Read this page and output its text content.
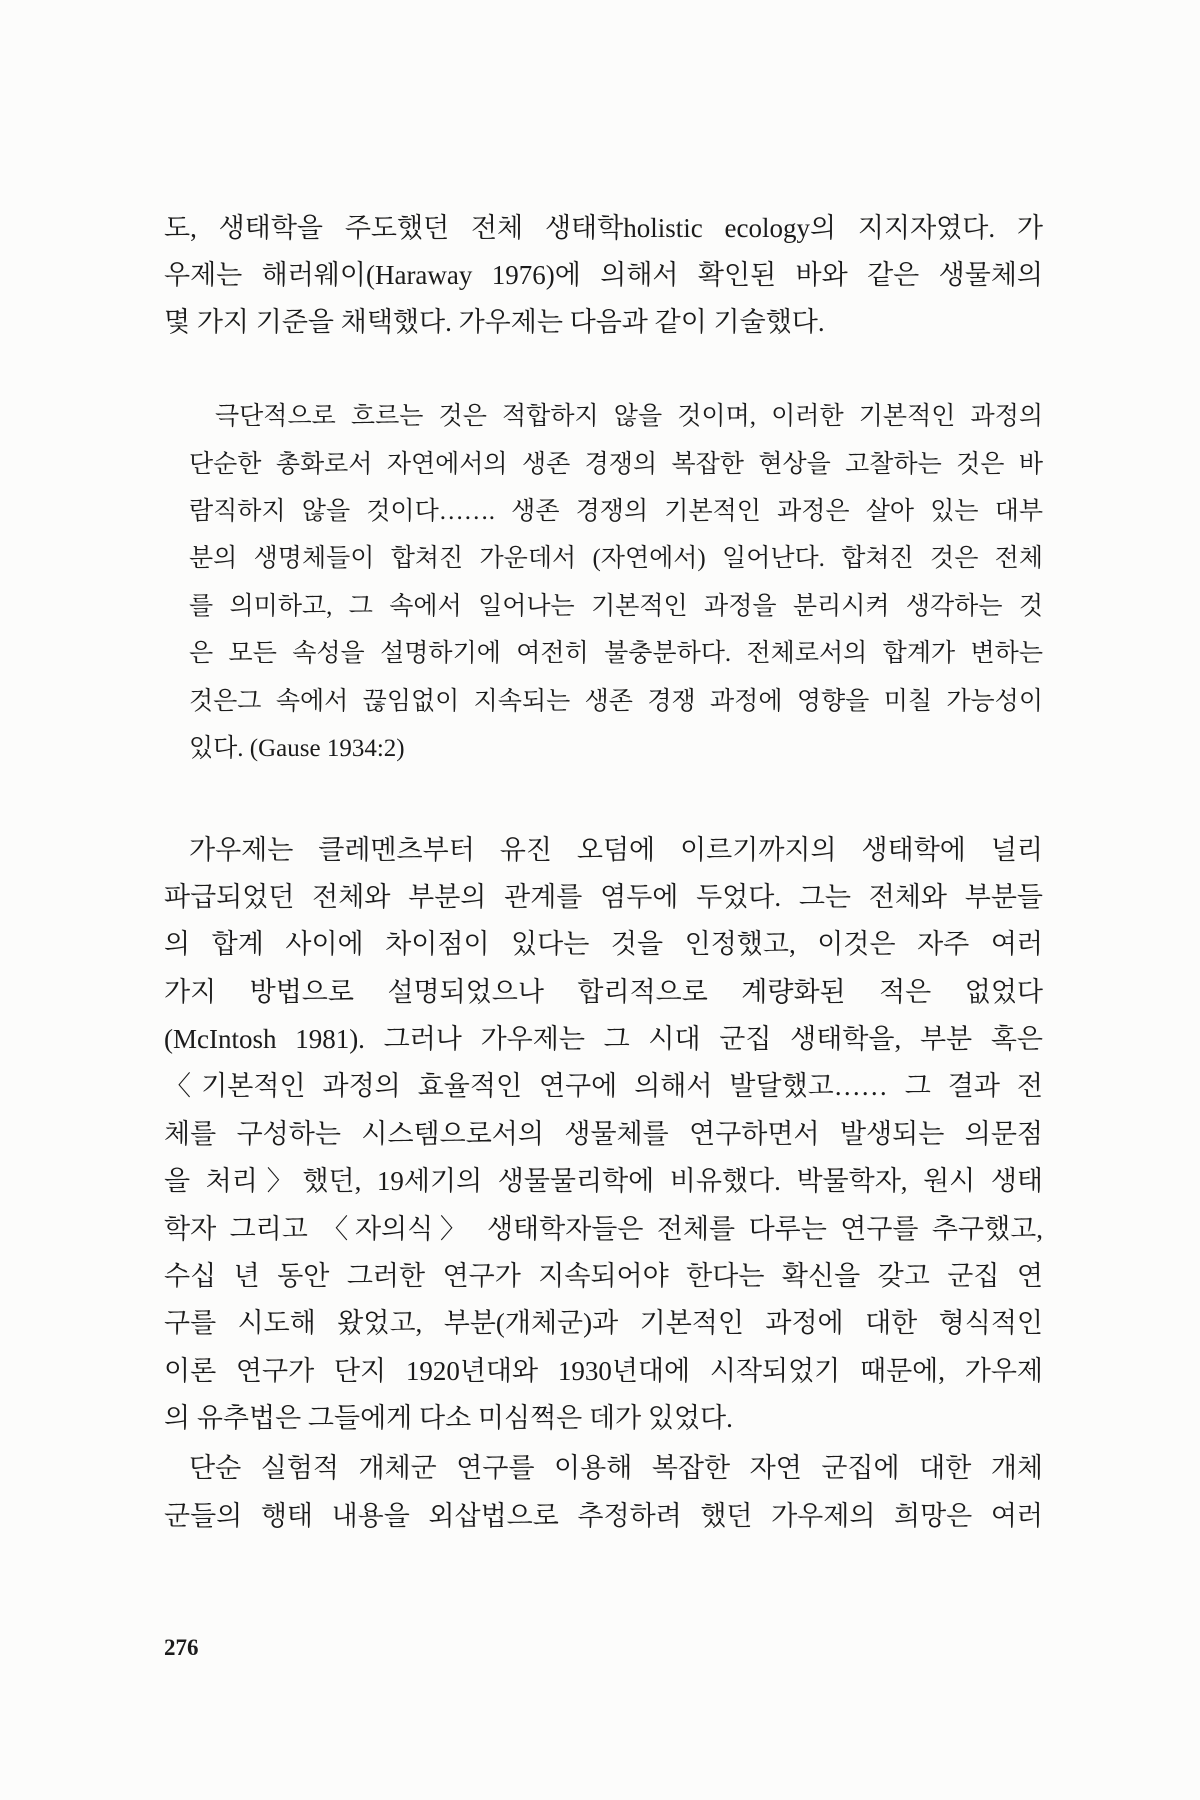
도, 생태학을 주도했던 전체 생태학holistic ecology의 지지자였다. 가
우제는 해러웨이(Haraway 1976)에 의해서 확인된 바와 같은 생물체의
몇 가지 기준을 채택했다. 가우제는 다음과 같이 기술했다.
극단적으로 흐르는 것은 적합하지 않을 것이며, 이러한 기본적인 과정의
단순한 총화로서 자연에서의 생존 경쟁의 복잡한 현상을 고찰하는 것은 바
람직하지 않을 것이다……. 생존 경쟁의 기본적인 과정은 살아 있는 대부
분의 생명체들이 합쳐진 가운데서 (자연에서) 일어난다. 합쳐진 것은 전체
를 의미하고, 그 속에서 일어나는 기본적인 과정을 분리시켜 생각하는 것
은 모든 속성을 설명하기에 여전히 불충분하다. 전체로서의 합계가 변하는
것은그 속에서 끊임없이 지속되는 생존 경쟁 과정에 영향을 미칠 가능성이
있다. (Gause 1934:2)
가우제는 클레멘츠부터 유진 오덤에 이르기까지의 생태학에 널리
파급되었던 전체와 부분의 관계를 염두에 두었다. 그는 전체와 부분들
의 합계 사이에 차이점이 있다는 것을 인정했고, 이것은 자주 여러
가지 방법으로 설명되었으나 합리적으로 계량화된 적은 없었다
(McIntosh 1981). 그러나 가우제는 그 시대 군집 생태학을, 부분 혹은
〈기본적인 과정의 효율적인 연구에 의해서 발달했고…… 그 결과 전
체를 구성하는 시스템으로서의 생물체를 연구하면서 발생되는 의문점
을 처리〉했던, 19세기의 생물물리학에 비유했다. 박물학자, 원시 생태
학자 그리고 〈자의식〉 생태학자들은 전체를 다루는 연구를 추구했고,
수십 년 동안 그러한 연구가 지속되어야 한다는 확신을 갖고 군집 연
구를 시도해 왔었고, 부분(개체군)과 기본적인 과정에 대한 형식적인
이론 연구가 단지 1920년대와 1930년대에 시작되었기 때문에, 가우제
의 유추법은 그들에게 다소 미심쩍은 데가 있었다.
단순 실험적 개체군 연구를 이용해 복잡한 자연 군집에 대한 개체
군들의 행태 내용을 외삽법으로 추정하려 했던 가우제의 희망은 여러
276
